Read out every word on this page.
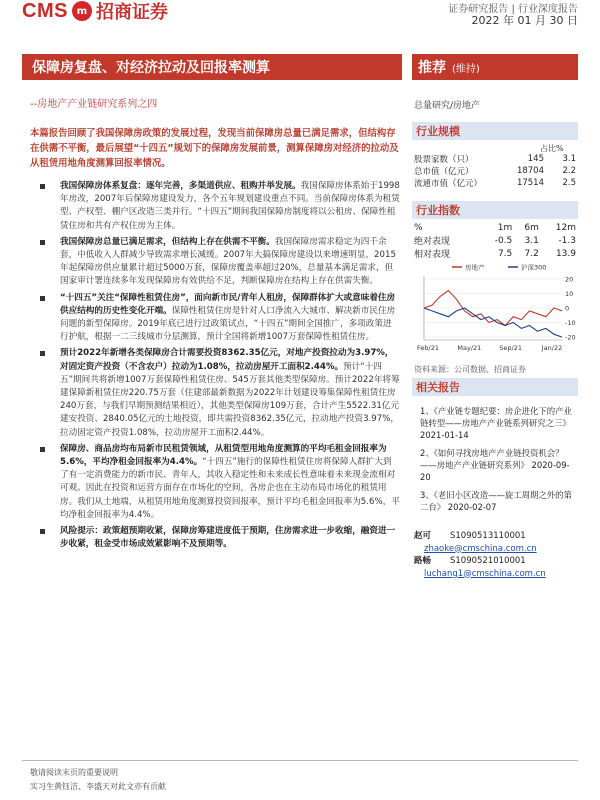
CMS m 招商证券	证券研究报告 | 行业深度报告
2022 年 01 月 30 日
保障房复盘、对经济拉动及回报率测算	推荐 (维持)
--房地产产业链研究系列之四	总量研究/房地产
本篇报告回顾了我国保障房政策的发展过程，发现当前保障房总量已满足需求，但结构存在供需不平衡，最后展望“十四五”规划下的保障房发展前景，测算保障房对经济的拉动及从租赁用地角度测算回报率情况。
我国保障房体系复盘：逐年完善，多渠道供应、租购并举发展。我国保障房体系始于1998年房改，2007年后保障房建设发力，各个五年规划建设重点不同。当前保障房体系为租赁型、产权型、棚户区改造三类并行。“十四五”期间我国保障房制度将以公租房、保障性租赁住房和共有产权住房为主体。
我国保障房总量已满足需求，但结构上存在供需不平衡。我国保障房需求稳定为四千余套，中低收入人群减少导致需求增长减缓。2007年大搞保障房建设以来增速明显，2015年起保障房供应量累计超过5000万套，保障房覆盖率超过20%，总量基本满足需求，但国家审计署连续多年发现保障房有效供给不足，判断保障房在结构上存在供需失衡。
“十四五”关注“保障性租赁住房”，面向新市民/青年人租房，保障群体扩大或意味着住房供应结构的历史性变化开端。保障性租赁住房是针对人口净流入大城市、解决新市民住房问题的新型保障房。2019年底已进行过政策试点，“十四五”期间全国推广，多项政策进行护航，根据一二三线城市分层测算，预计全国将新增1007万套保障性租赁住房。
预计2022年新增各类保障房合计需要投资8362.35亿元，对地产投资拉动为3.97%，对固定资产投资（不含农户）拉动为1.08%，拉动房屋开工面积2.44%。预计“十四五”期间共将新增1007万套保障性租赁住房、545万套其他类型保障房。预计2022年将筹建保障新租赁住房220.75万套（住建部最新数据为2022年计划建设筹集保障性租赁住房240万套，与我们早期预测结果相近），其他类型保障房109万套，合计产生5522.31亿元建安投资、2840.05亿元的土地投资，即共需投资8362.35亿元，拉动地产投资3.97%，拉动固定资产投资1.08%，拉动房屋开工面积2.44%。
保障房、商品房均布局新市民租赁领域，从租赁型用地角度测算的平均毛租金回报率为5.6%，平均净租金回报率为4.4%。“十四五”施行的保障性租赁住房将保障人群扩大到了有一定消费能力的新市民、青年人，其收入稳定性和未来成长性意味着未来现金流相对可观。因此在投资和运营方面存在市场化的空间，各房企也在主动布局市场化的租赁用房。我们从土地端，从租赁用地角度测算投资回报率，预计平均毛租金回报率为5.6%，平均净租金回报率为4.4%。
风险提示：政策超预期收紧，保障房筹建进度低于预期，住房需求进一步收缩，融资进一步收紧，租金受市场成效紧影响不及预期等。
行业规模
占比%
股票家数（只）	145	3.1
总市值（亿元）	18704	2.2
流通市值（亿元）	17514	2.5
行业指数
%	1m	6m	12m
绝对表现	-0.5	3.1	-1.3
相对表现	7.5	7.2	13.9
20
10
0
-10
-20
Feb/21	May/21	Sep/21	Jan/22
房地产	沪深300
资料来源：公司数据、招商证券
相关报告
1、《产业链专题纪要：房企进化下的产业链转型——房地产产业链系列研究之三》 2021-01-14
2、《如何寻找房地产产业链投资机会？——房地产产业链研究系列》 2020-09-20
3、《老旧小区改造——旋工周期之外的第二台》 2020-02-07
赵可	S1090513110001
zhaoke@cmschina.com.cn
路畅	S1090521010001
luchang1@cmschina.com.cn
敬请阅读末页的重要说明
实习生黄钰洁、李盛天对此文亦有贡献
